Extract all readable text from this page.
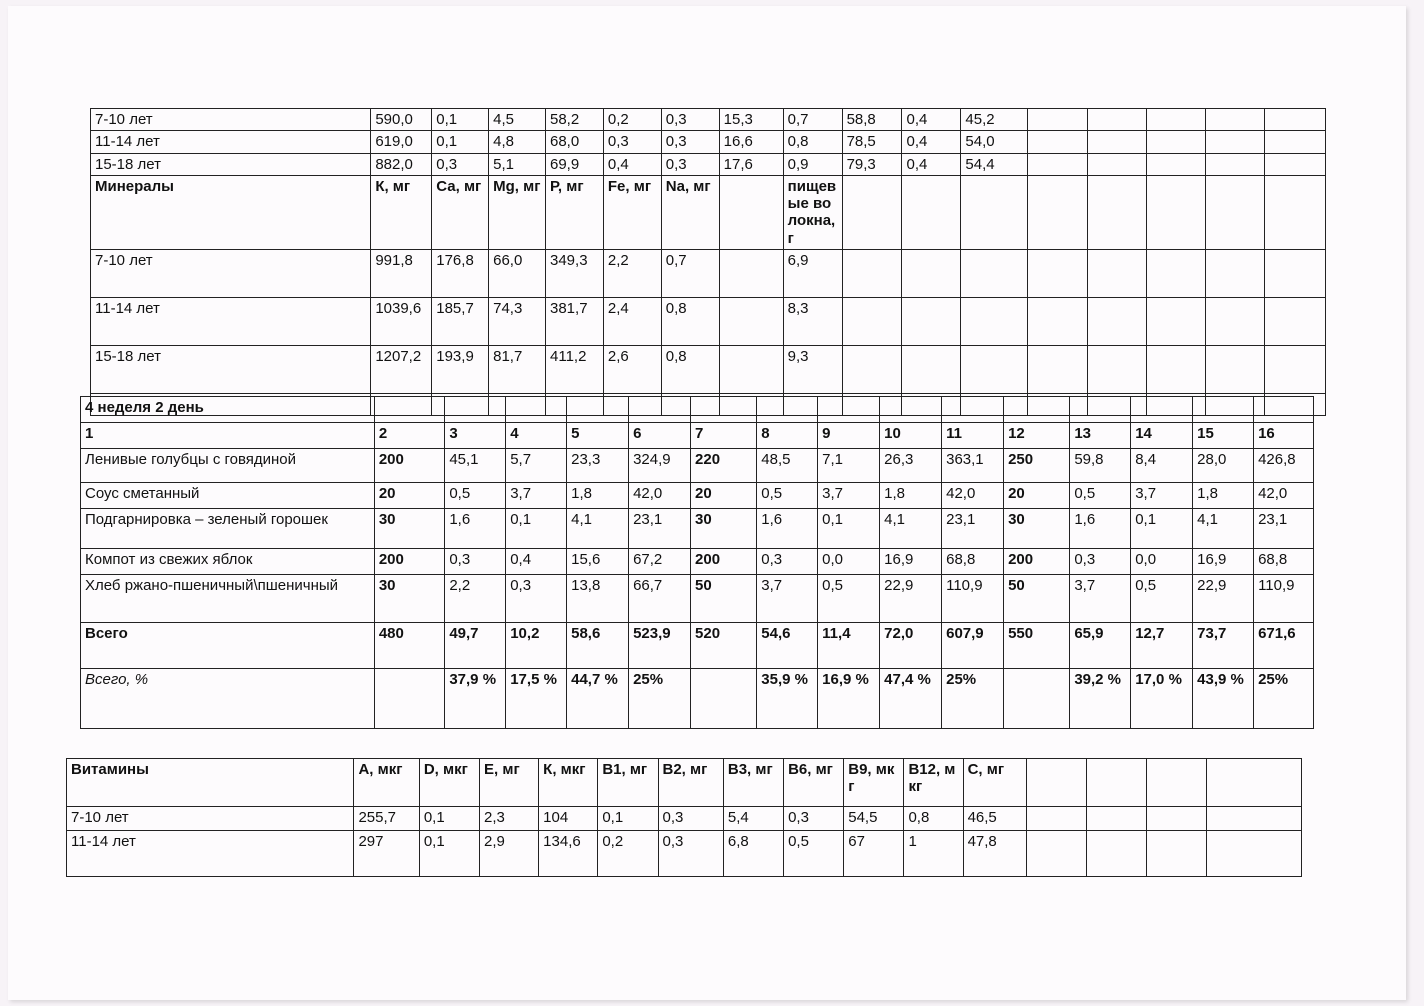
7-10 лет	590,0	0,1	4,5	58,2	0,2	0,3	15,3	0,7	58,8	0,4	45,2					
11-14 лет	619,0	0,1	4,8	68,0	0,3	0,3	16,6	0,8	78,5	0,4	54,0					
15-18 лет	882,0	0,3	5,1	69,9	0,4	0,3	17,6	0,9	79,3	0,4	54,4					
Минералы	К, мг	Са, мг	Mg, мг	Р, мг	Fe, мг	Na, мг		пищевые волокна, г								
7-10 лет	991,8	176,8	66,0	349,3	2,2	0,7		6,9								
11-14 лет	1039,6	185,7	74,3	381,7	2,4	0,8		8,3								
15-18 лет	1207,2	193,9	81,7	411,2	2,6	0,8		9,3								

4 неделя 2 день															
1	2	3	4	5	6	7	8	9	10	11	12	13	14	15	16
Ленивые голубцы с говядиной	200	45,1	5,7	23,3	324,9	220	48,5	7,1	26,3	363,1	250	59,8	8,4	28,0	426,8
Соус сметанный	20	0,5	3,7	1,8	42,0	20	0,5	3,7	1,8	42,0	20	0,5	3,7	1,8	42,0
Подгарнировка – зеленый горошек	30	1,6	0,1	4,1	23,1	30	1,6	0,1	4,1	23,1	30	1,6	0,1	4,1	23,1
Компот из свежих яблок	200	0,3	0,4	15,6	67,2	200	0,3	0,0	16,9	68,8	200	0,3	0,0	16,9	68,8
Хлеб ржано-пшеничный\пшеничный	30	2,2	0,3	13,8	66,7	50	3,7	0,5	22,9	110,9	50	3,7	0,5	22,9	110,9
Всего	480	49,7	10,2	58,6	523,9	520	54,6	11,4	72,0	607,9	550	65,9	12,7	73,7	671,6
Всего, %		37,9 %	17,5 %	44,7 %	25%		35,9 %	16,9 %	47,4 %	25%		39,2 %	17,0 %	43,9 %	25%
Витамины	А, мкг	D, мкг	Е, мг	К, мкг	В1, мг	В2, мг	В3, мг	В6, мг	В9, мкг	В12, мкг	С, мг				
7-10 лет	255,7	0,1	2,3	104	0,1	0,3	5,4	0,3	54,5	0,8	46,5				
11-14 лет	297	0,1	2,9	134,6	0,2	0,3	6,8	0,5	67	1	47,8				
